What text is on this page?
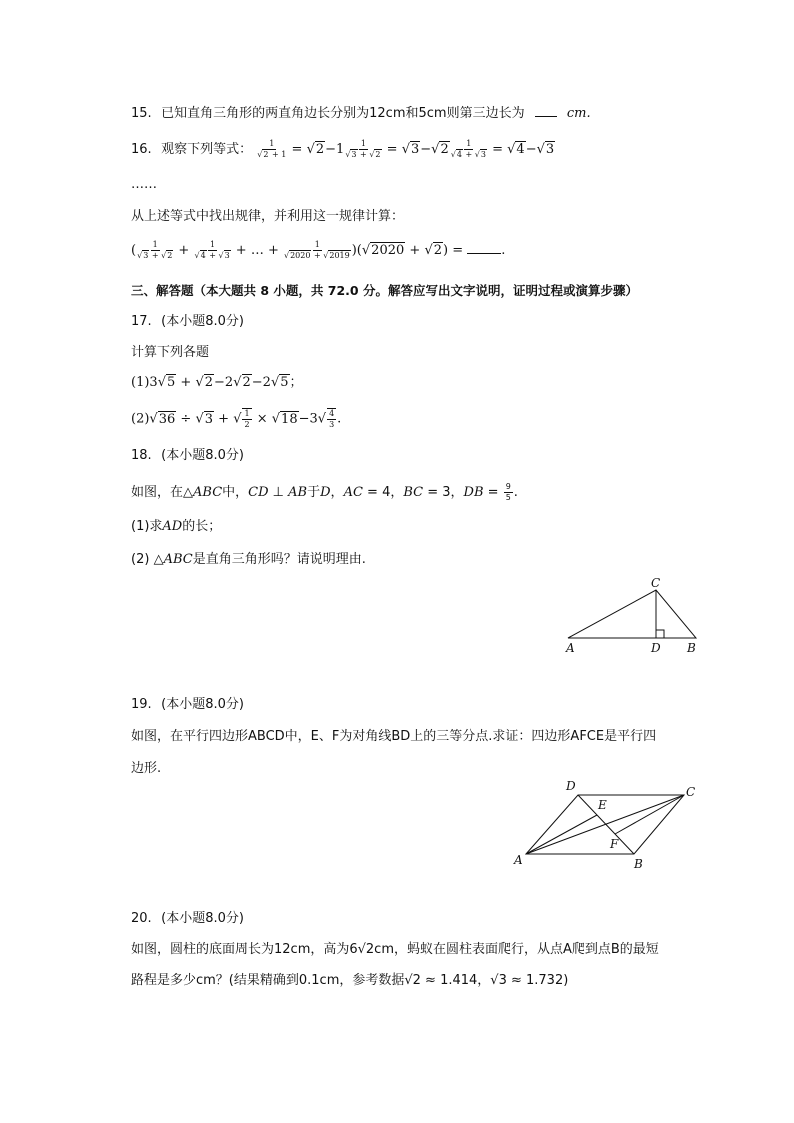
15. 已知直角三角形的两直角边长分别为12cm和5cm则第三边长为	cm.
16. 观察下列等式： $\frac{1}{√2 + 1} = √2-1 \frac{1}{√3 + √2} = √3-√2 \frac{1}{√4 + √3} = √4-√3$
……
从上述等式中找出规律，并利用这一规律计算：
( $\frac{1}{√3 + √2} + \frac{1}{√4 + √3}$ + … + $\frac{1}{√2020 + √2019} )(√2020 + √2)$ =	.
三、解答题（本大题共 8 小题，共 72.0 分。解答应写出文字说明，证明过程或演算步骤）
17. (本小题8.0分)
计算下列各题
(1)3√5 + √2−2√2−2√5；
(2)√36 ÷ √3 + √ $\frac{1}{2} \times √18-3√ \frac{4}{3}$ .
18. (本小题8.0分)
如图，在△ABC中，CD ⊥ AB于D，AC = 4，BC = 3，DB = $\frac{9}{5}$ .
(1)求AD的长；
(2) △ABC是直角三角形吗？请说明理由.
A	D B
C
19. (本小题8.0分)
如图，在平行四边形ABCD中，E、F为对角线BD上的三等分点.求证：四边形AFCE是平行四
边形.
A	B
C
D
E
F
20. (本小题8.0分)
如图，圆柱的底面周长为12cm，高为6√2cm，蚂蚁在圆柱表面爬行，从点A爬到点B的最短
路程是多少cm？(结果精确到0.1cm，参考数据√2 ≈ 1.414，√3 ≈ 1.732)
